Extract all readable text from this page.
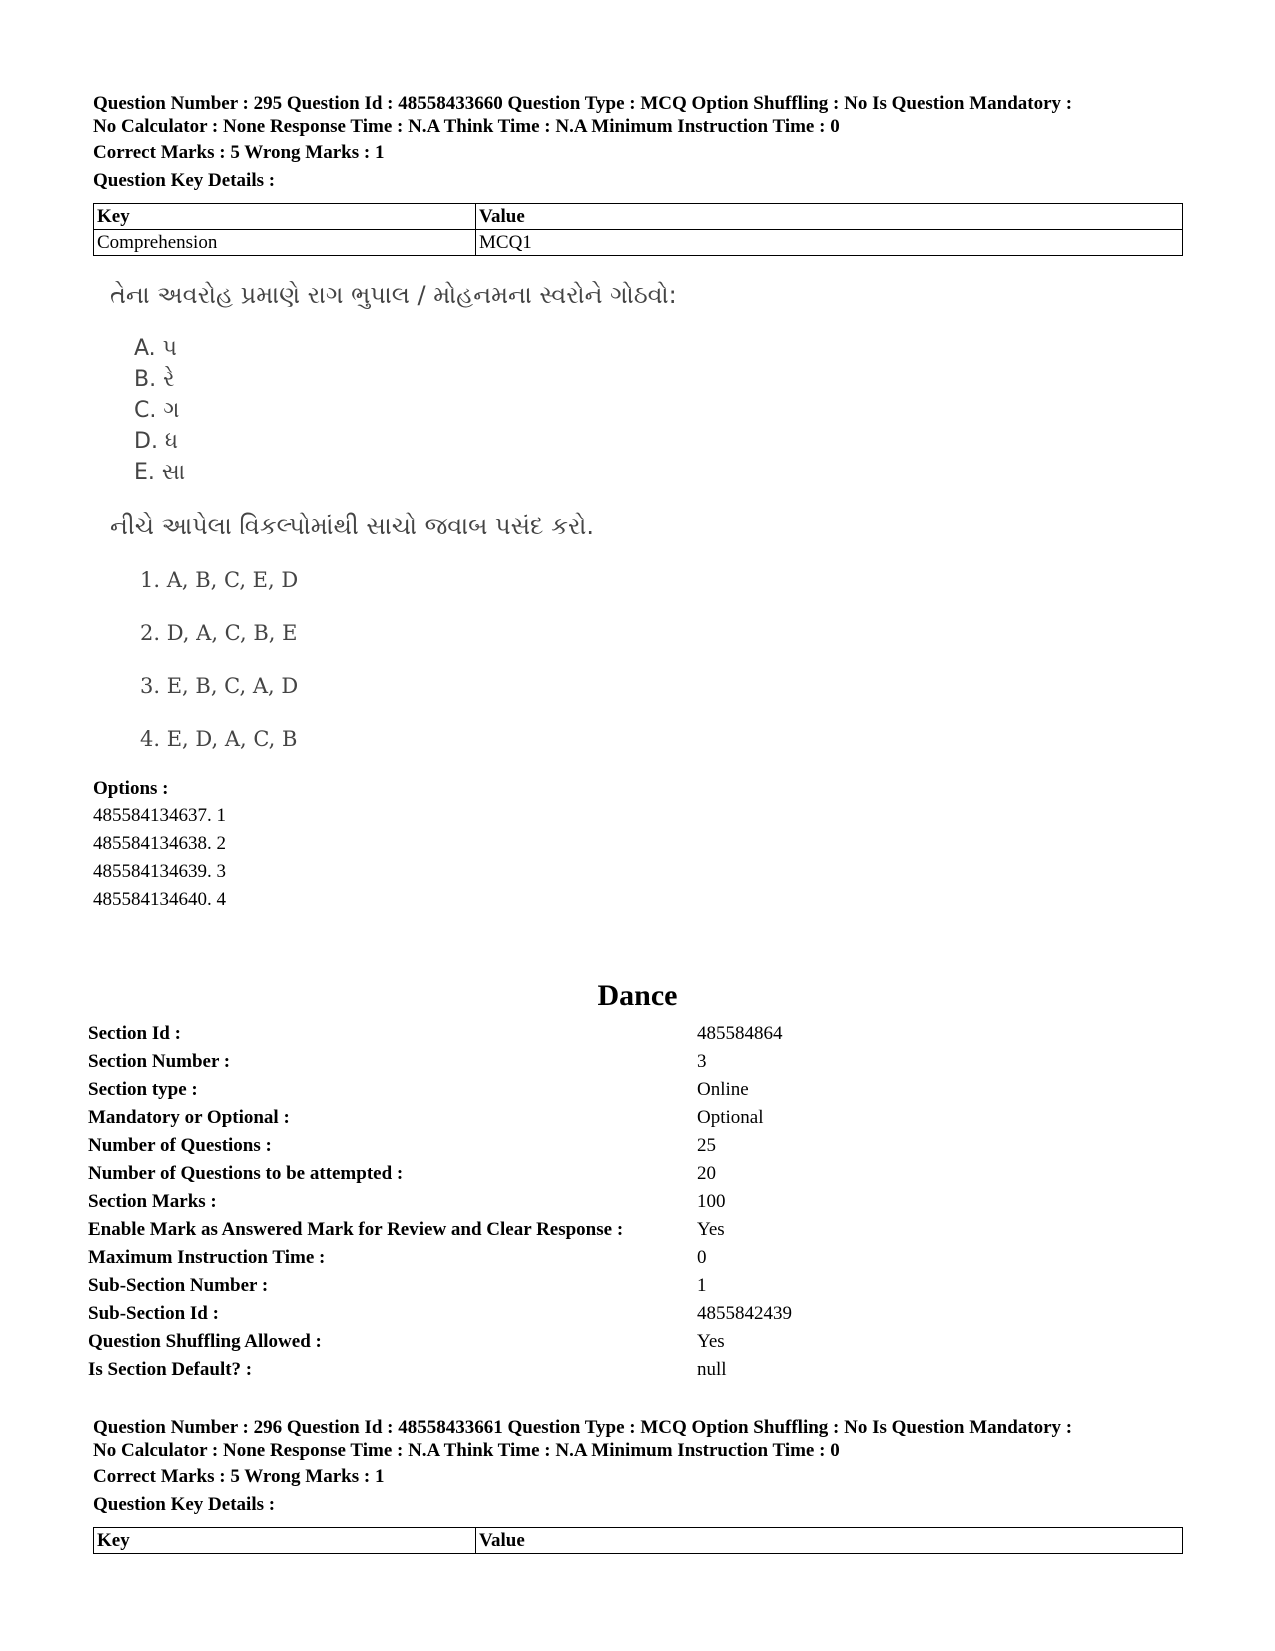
Question Number : 295 Question Id : 48558433660 Question Type : MCQ Option Shuffling : No Is Question Mandatory :
No Calculator : None Response Time : N.A Think Time : N.A Minimum Instruction Time : 0
Correct Marks : 5 Wrong Marks : 1
Question Key Details :
Key	Value
Comprehension	MCQ1
તેના અવરોહ પ્રમાણે રાગ ભુપાલ / મોહનમના સ્વરોને ગોઠવો:
A. પ
B. રે
C. ગ
D. ધ
E. સા
નીચે આપેલા વિકલ્પોમાંથી સાચો જવાબ પસંદ કરો.
1. A, B, C, E, D
2. D, A, C, B, E
3. E, B, C, A, D
4. E, D, A, C, B
Options :
485584134637. 1
485584134638. 2
485584134639. 3
485584134640. 4
Dance
Section Id :	485584864
Section Number :	3
Section type :	Online
Mandatory or Optional :	Optional
Number of Questions :	25
Number of Questions to be attempted :	20
Section Marks :	100
Enable Mark as Answered Mark for Review and Clear Response :	Yes
Maximum Instruction Time :	0
Sub-Section Number :	1
Sub-Section Id :	4855842439
Question Shuffling Allowed :	Yes
Is Section Default? :	null
Question Number : 296 Question Id : 48558433661 Question Type : MCQ Option Shuffling : No Is Question Mandatory :
No Calculator : None Response Time : N.A Think Time : N.A Minimum Instruction Time : 0
Correct Marks : 5 Wrong Marks : 1
Question Key Details :
Key	Value
